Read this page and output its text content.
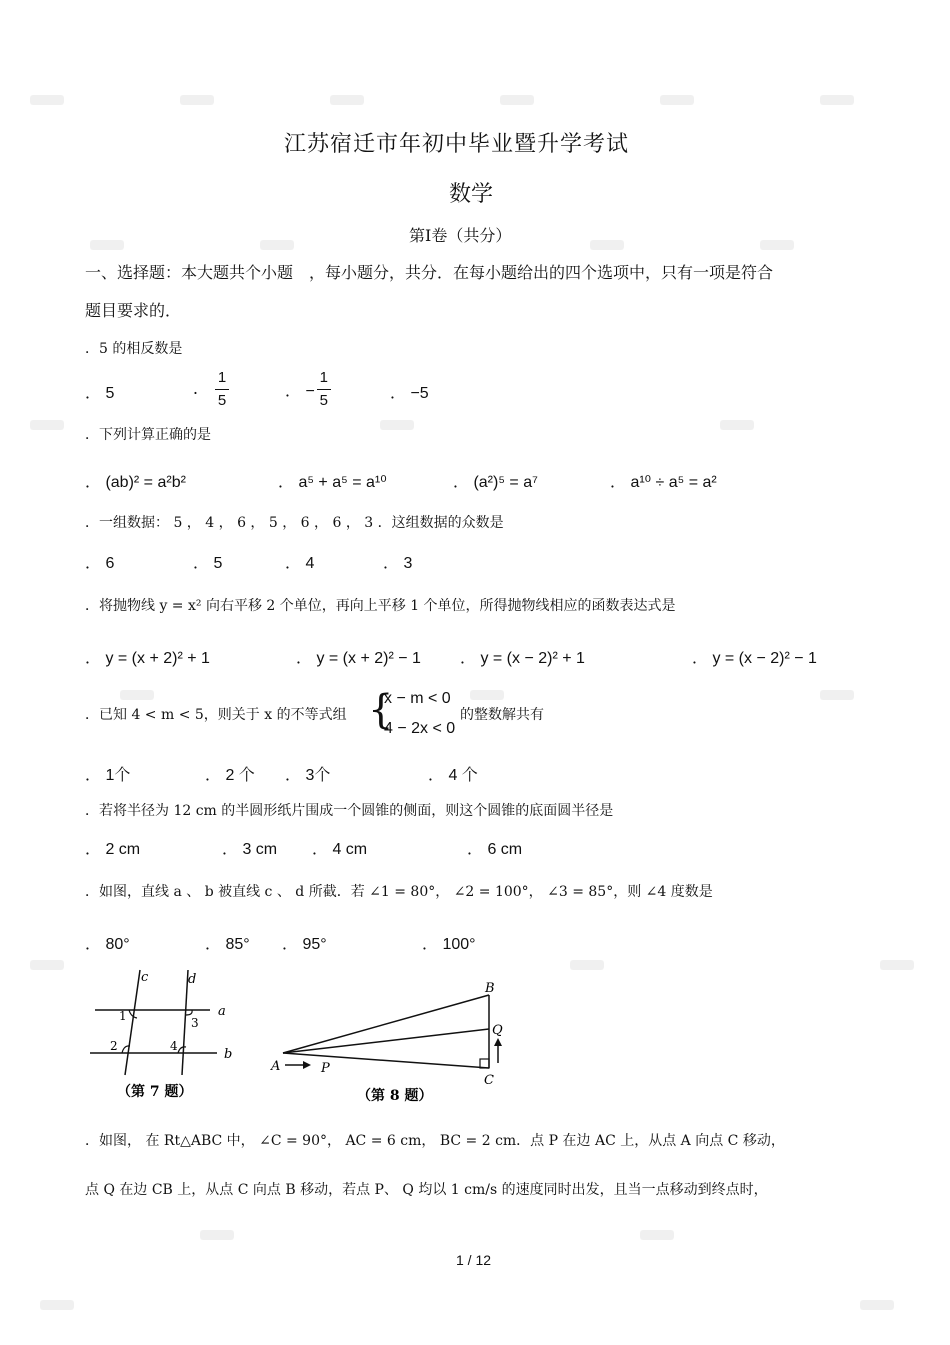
江苏宿迁市年初中毕业暨升学考试
数学
第Ⅰ卷（共分）
一、选择题：本大题共个小题　，每小题分，共分．在每小题给出的四个选项中，只有一项是符合
题目要求的．
．5 的相反数是
． 5	． $\frac{1}{5}$	． − $\frac{1}{5}$	． −5
．下列计算正确的是
． (ab)² = a²b²	． a⁵ + a⁵ = a¹⁰	． (a²)⁵ = a⁷	． a¹⁰ ÷ a⁵ = a²
．一组数据： 5 ， 4 ， 6 ， 5 ， 6 ， 6 ， 3 ．这组数据的众数是
． 6	． 5	． 4	． 3
．将抛物线 y = x² 向右平移 2 个单位，再向上平移 1 个单位，所得抛物线相应的函数表达式是
． y = (x + 2)² + 1	． y = (x + 2)² − 1 ． y = (x − 2)² + 1	． y = (x − 2)² − 1
．已知 4 < m < 5，则关于 x 的不等式组 {
x − m < 0
4 − 2x < 0
的整数解共有
． 1个	． 2 个 ． 3个	． 4 个
．若将半径为 12 cm 的半圆形纸片围成一个圆锥的侧面，则这个圆锥的底面圆半径是
． 2 cm	． 3 cm ． 4 cm	． 6 cm
．如图，直线 a 、 b 被直线 c 、 d 所截．若 ∠1 = 80°， ∠2 = 100°， ∠3 = 85°，则 ∠4 度数是
． 80°	． 85° ． 95°	． 100°
c	d
a
b
1
2
3
4
（第 7 题）
A
B
C
P
Q
（第 8 题）
．如图， 在 Rt△ABC 中， ∠C = 90°， AC = 6 cm， BC = 2 cm．点 P 在边 AC 上，从点 A 向点 C 移动，
点 Q 在边 CB 上，从点 C 向点 B 移动，若点 P、 Q 均以 1 cm/s 的速度同时出发，且当一点移动到终点时，
1 / 12
